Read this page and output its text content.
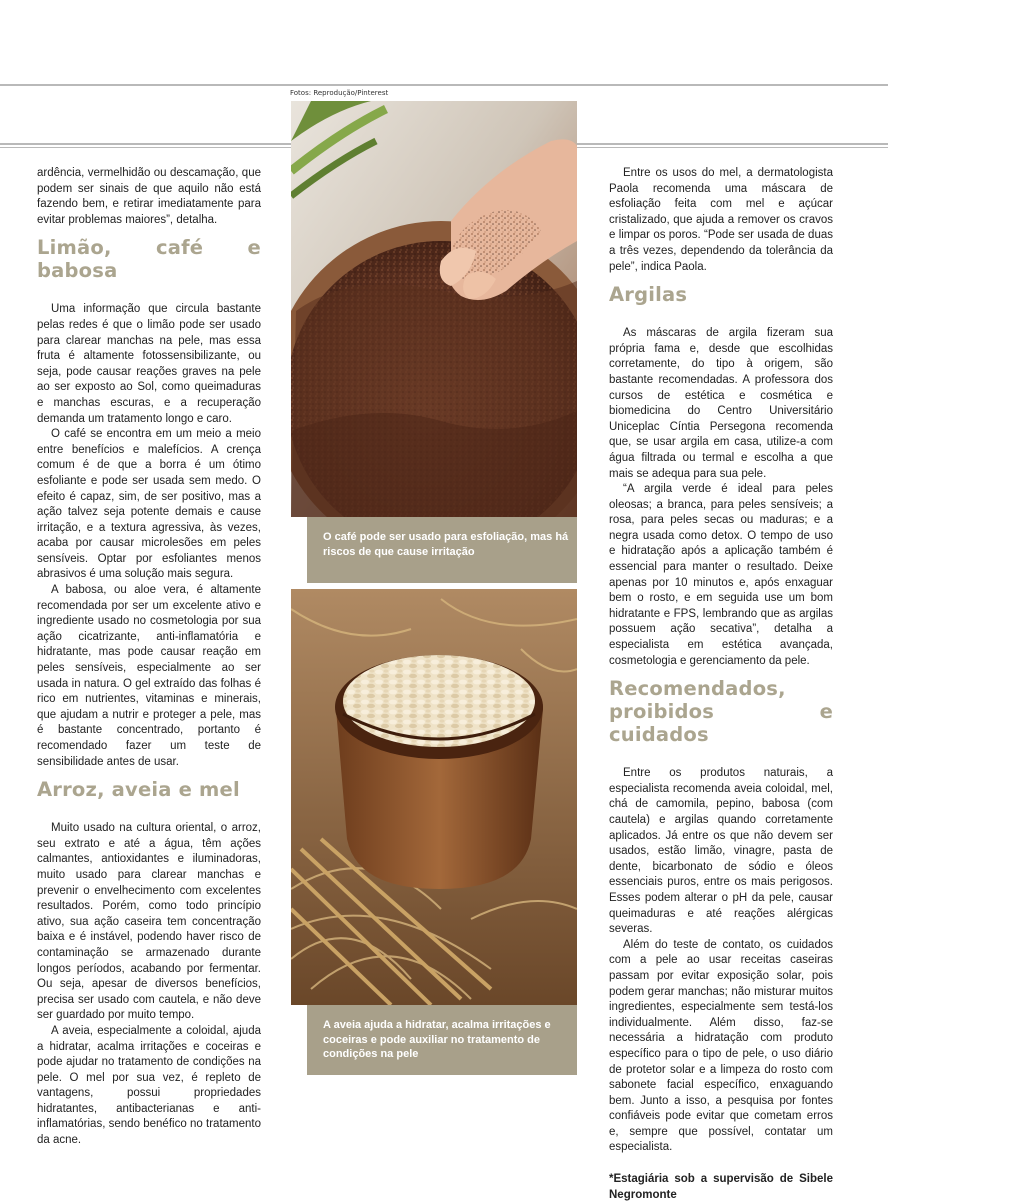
Fotos: Reprodução/Pinterest

ardência, vermelhidão ou descamação, que podem ser sinais de que aquilo não está fazendo bem, e retirar imediatamente para evitar problemas maiores”, detalha.

Limão, café e babosa

Uma informação que circula bastante pelas redes é que o limão pode ser usado para clarear manchas na pele, mas essa fruta é altamente fotossensibilizante, ou seja, pode causar reações graves na pele ao ser exposto ao Sol, como queimaduras e manchas escuras, e a recuperação demanda um tratamento longo e caro.

O café se encontra em um meio a meio entre benefícios e malefícios. A crença comum é de que a borra é um ótimo esfoliante e pode ser usada sem medo. O efeito é capaz, sim, de ser positivo, mas a ação talvez seja potente demais e cause irritação, e a textura agressiva, às vezes, acaba por causar microlesões em peles sensíveis. Optar por esfoliantes menos abrasivos é uma solução mais segura.

A babosa, ou aloe vera, é altamente recomendada por ser um excelente ativo e ingrediente usado no cosmetologia por sua ação cicatrizante, anti-inflamatória e hidratante, mas pode causar reação em peles sensíveis, especialmente ao ser usada in natura. O gel extraído das folhas é rico em nutrientes, vitaminas e minerais, que ajudam a nutrir e proteger a pele, mas é bastante concentrado, portanto é recomendado fazer um teste de sensibilidade antes de usar.

Arroz, aveia e mel

Muito usado na cultura oriental, o arroz, seu extrato e até a água, têm ações calmantes, antioxidantes e iluminadoras, muito usado para clarear manchas e prevenir o envelhecimento com excelentes resultados. Porém, como todo princípio ativo, sua ação caseira tem concentração baixa e é instável, podendo haver risco de contaminação se armazenado durante longos períodos, acabando por fermentar. Ou seja, apesar de diversos benefícios, precisa ser usado com cautela, e não deve ser guardado por muito tempo.

A aveia, especialmente a coloidal, ajuda a hidratar, acalma irritações e coceiras e pode ajudar no tratamento de condições na pele. O mel por sua vez, é repleto de vantagens, possui propriedades hidratantes, antibacterianas e anti-inflamatórias, sendo benéfico no tratamento da acne.

O café pode ser usado para esfoliação, mas há riscos de que cause irritação
A aveia ajuda a hidratar, acalma irritações e coceiras e pode auxiliar no tratamento de condições na pele

Entre os usos do mel, a dermatologista Paola recomenda uma máscara de esfoliação feita com mel e açúcar cristalizado, que ajuda a remover os cravos e limpar os poros. “Pode ser usada de duas a três vezes, dependendo da tolerância da pele”, indica Paola.

Argilas

As máscaras de argila fizeram sua própria fama e, desde que escolhidas corretamente, do tipo à origem, são bastante recomendadas. A professora dos cursos de estética e cosmética e biomedicina do Centro Universitário Uniceplac Cíntia Persegona recomenda que, se usar argila em casa, utilize-a com água filtrada ou termal e escolha a que mais se adequa para sua pele.

“A argila verde é ideal para peles oleosas; a branca, para peles sensíveis; a rosa, para peles secas ou maduras; e a negra usada como detox. O tempo de uso e hidratação após a aplicação também é essencial para manter o resultado. Deixe apenas por 10 minutos e, após enxaguar bem o rosto, e em seguida use um bom hidratante e FPS, lembrando que as argilas possuem ação secativa”, detalha a especialista em estética avançada, cosmetologia e gerenciamento da pele.

Recomendados, proibidos e cuidados

Entre os produtos naturais, a especialista recomenda aveia coloidal, mel, chá de camomila, pepino, babosa (com cautela) e argilas quando corretamente aplicados. Já entre os que não devem ser usados, estão limão, vinagre, pasta de dente, bicarbonato de sódio e óleos essenciais puros, entre os mais perigosos. Esses podem alterar o pH da pele, causar queimaduras e até reações alérgicas severas.

Além do teste de contato, os cuidados com a pele ao usar receitas caseiras passam por evitar exposição solar, pois podem gerar manchas; não misturar muitos ingredientes, especialmente sem testá-los individualmente. Além disso, faz-se necessária a hidratação com produto específico para o tipo de pele, o uso diário de protetor solar e a limpeza do rosto com sabonete facial específico, enxaguando bem. Junto a isso, a pesquisa por fontes confiáveis pode evitar que cometam erros e, sempre que possível, contatar um especialista.

*Estagiária sob a supervisão de Sibele Negromonte
